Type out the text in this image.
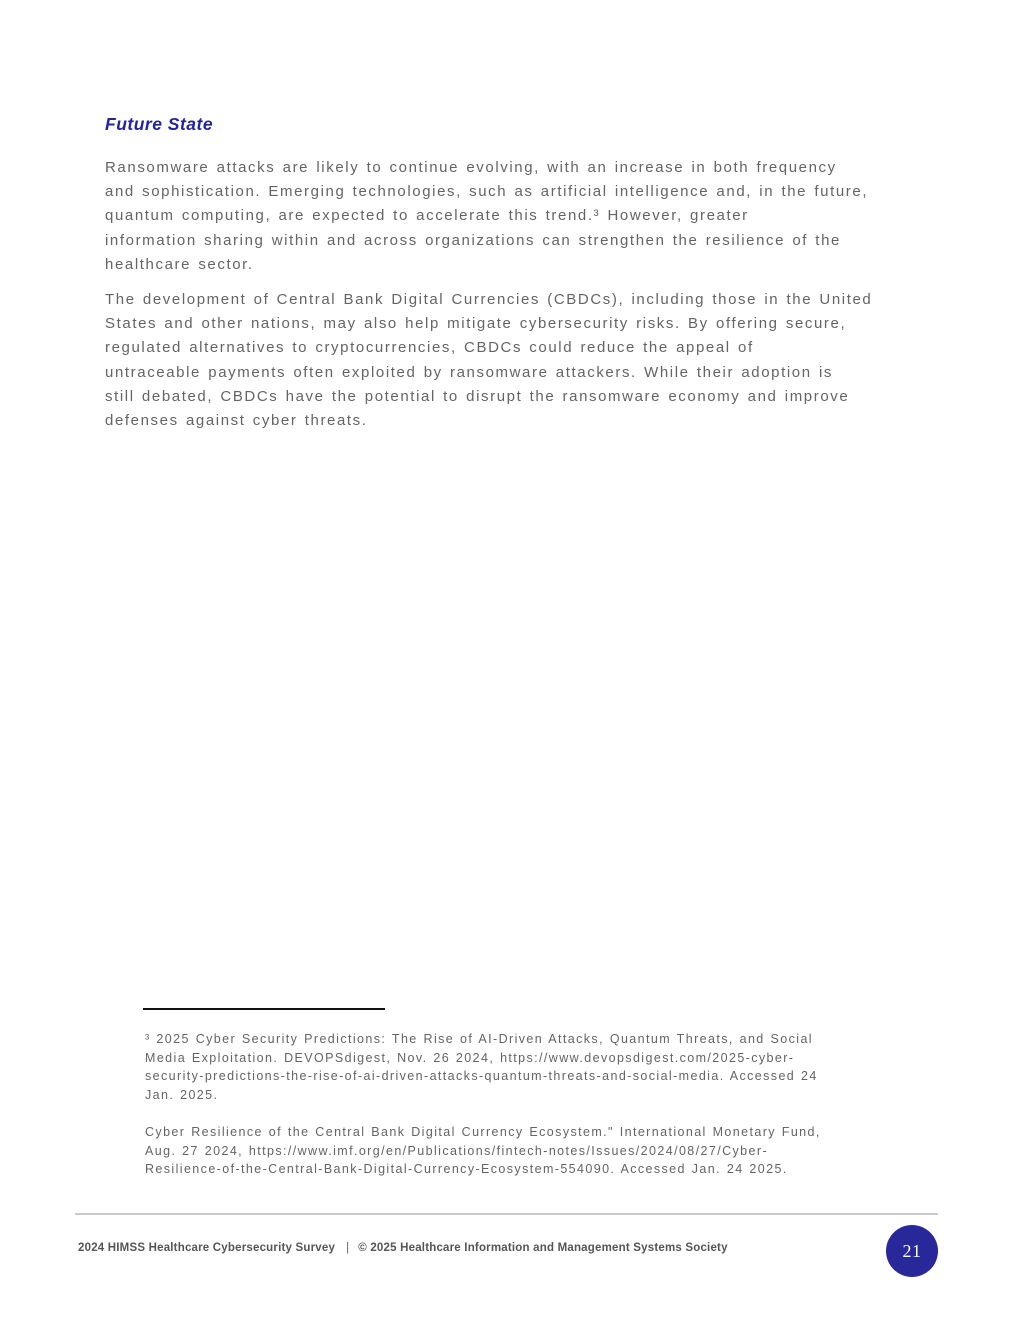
Future State
Ransomware attacks are likely to continue evolving, with an increase in both frequency
and sophistication. Emerging technologies, such as artificial intelligence and, in the future,
quantum computing, are expected to accelerate this trend.³ However, greater
information sharing within and across organizations can strengthen the resilience of the
healthcare sector.
The development of Central Bank Digital Currencies (CBDCs), including those in the United
States and other nations, may also help mitigate cybersecurity risks. By offering secure,
regulated alternatives to cryptocurrencies, CBDCs could reduce the appeal of
untraceable payments often exploited by ransomware attackers. While their adoption is
still debated, CBDCs have the potential to disrupt the ransomware economy and improve
defenses against cyber threats.
³ 2025 Cyber Security Predictions: The Rise of AI-Driven Attacks, Quantum Threats, and Social
Media Exploitation. DEVOPSdigest, Nov. 26 2024, https://www.devopsdigest.com/2025-cyber-
security-predictions-the-rise-of-ai-driven-attacks-quantum-threats-and-social-media. Accessed 24
Jan. 2025.
Cyber Resilience of the Central Bank Digital Currency Ecosystem." International Monetary Fund,
Aug. 27 2024, https://www.imf.org/en/Publications/fintech-notes/Issues/2024/08/27/Cyber-
Resilience-of-the-Central-Bank-Digital-Currency-Ecosystem-554090. Accessed Jan. 24 2025.
2024 HIMSS Healthcare Cybersecurity Survey | © 2025 Healthcare Information and Management Systems Society	21
